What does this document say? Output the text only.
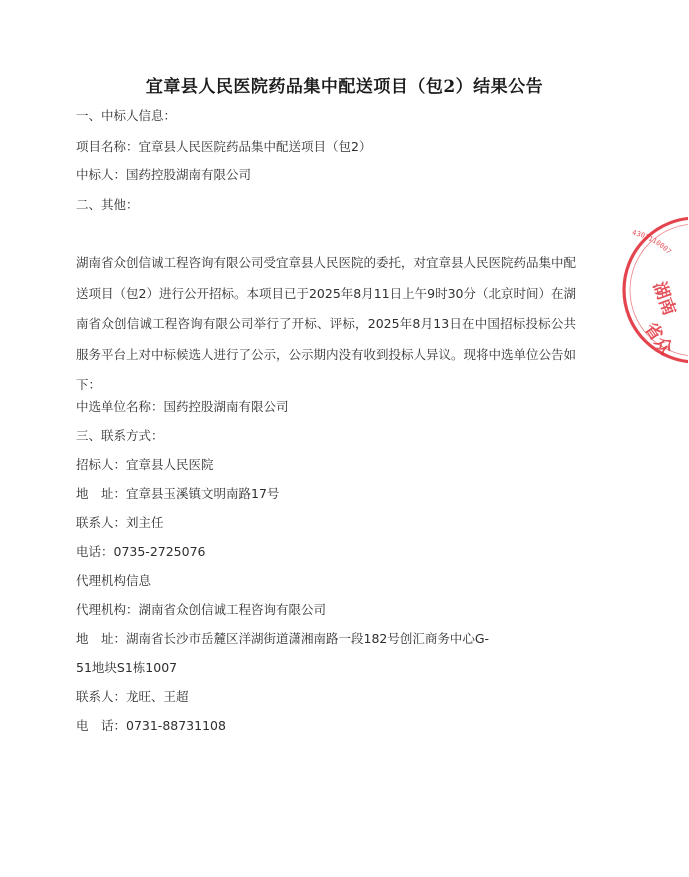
宜章县人民医院药品集中配送项目（包2）结果公告
一、中标人信息：
项目名称：宜章县人民医院药品集中配送项目（包2）
中标人：国药控股湖南有限公司
二、其他：
湖南省众创信诚工程咨询有限公司受宜章县人民医院的委托，对宜章县人民医院药品集中配送项目（包2）进行公开招标。本项目已于2025年8月11日上午9时30分（北京时间）在湖南省众创信诚工程咨询有限公司举行了开标、评标，2025年8月13日在中国招标投标公共服务平台上对中标候选人进行了公示，公示期内没有收到投标人异议。现将中选单位公告如下：
中选单位名称：国药控股湖南有限公司
三、联系方式：
招标人：宜章县人民医院
地　址：宜章县玉溪镇文明南路17号
联系人：刘主任
电话：0735-2725076
代理机构信息
代理机构：湖南省众创信诚工程咨询有限公司
地　址：湖南省长沙市岳麓区洋湖街道潇湘南路一段182号创汇商务中心G-
51地块S1栋1007
联系人：龙旺、王超
电　话：0731-88731108
4301110007
湖南
省众
